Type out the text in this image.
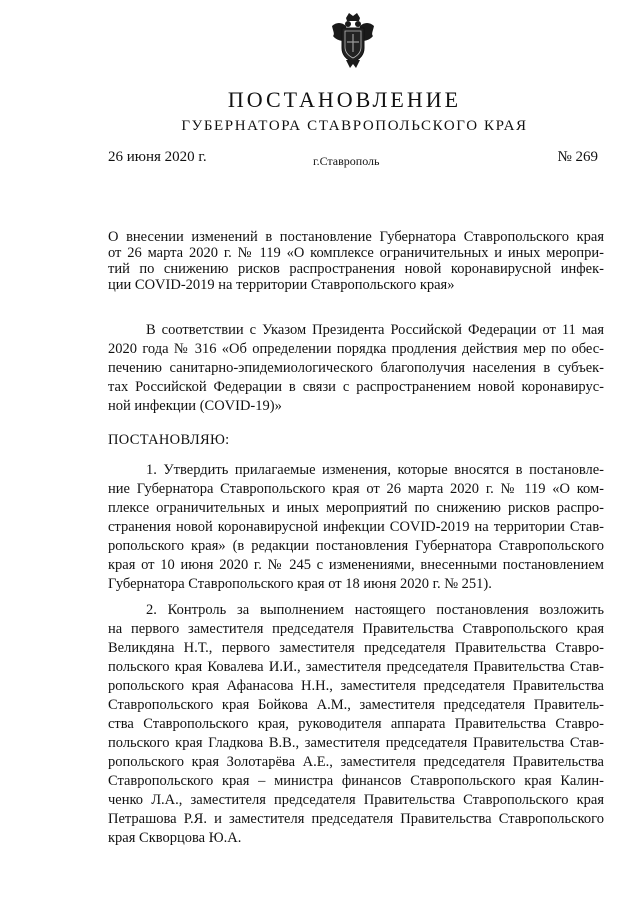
ПОСТАНОВЛЕНИЕ
ГУБЕРНАТОРА СТАВРОПОЛЬСКОГО КРАЯ
26 июня 2020 г.	г.Ставрополь	№ 269
О внесении изменений в постановление Губернатора Ставропольского края
от 26 марта 2020 г. № 119 «О комплексе ограничительных и иных меропри-
тий по снижению рисков распространения новой коронавирусной инфек-
ции COVID-2019 на территории Ставропольского края»
В соответствии с Указом Президента Российской Федерации от 11 мая
2020 года № 316 «Об определении порядка продления действия мер по обес-
печению санитарно-эпидемиологического благополучия населения в субъек-
тах Российской Федерации в связи с распространением новой коронавирус-
ной инфекции (COVID-19)»
ПОСТАНОВЛЯЮ:
1. Утвердить прилагаемые изменения, которые вносятся в постановле-
ние Губернатора Ставропольского края от 26 марта 2020 г. № 119 «О ком-
плексе ограничительных и иных мероприятий по снижению рисков распро-
странения новой коронавирусной инфекции COVID-2019 на территории Став-
ропольского края» (в редакции постановления Губернатора Ставропольского
края от 10 июня 2020 г. № 245 с изменениями, внесенными постановлением
Губернатора Ставропольского края от 18 июня 2020 г. № 251).
2. Контроль за выполнением настоящего постановления возложить
на первого заместителя председателя Правительства Ставропольского края
Великдяна Н.Т., первого заместителя председателя Правительства Ставро-
польского края Ковалева И.И., заместителя председателя Правительства Став-
ропольского края Афанасова Н.Н., заместителя председателя Правительства
Ставропольского края Бойкова А.М., заместителя председателя Правитель-
ства Ставропольского края, руководителя аппарата Правительства Ставро-
польского края Гладкова В.В., заместителя председателя Правительства Став-
ропольского края Золотарёва А.Е., заместителя председателя Правительства
Ставропольского края – министра финансов Ставропольского края Калин-
ченко Л.А., заместителя председателя Правительства Ставропольского края
Петрашова Р.Я. и заместителя председателя Правительства Ставропольского
края Скворцова Ю.А.
